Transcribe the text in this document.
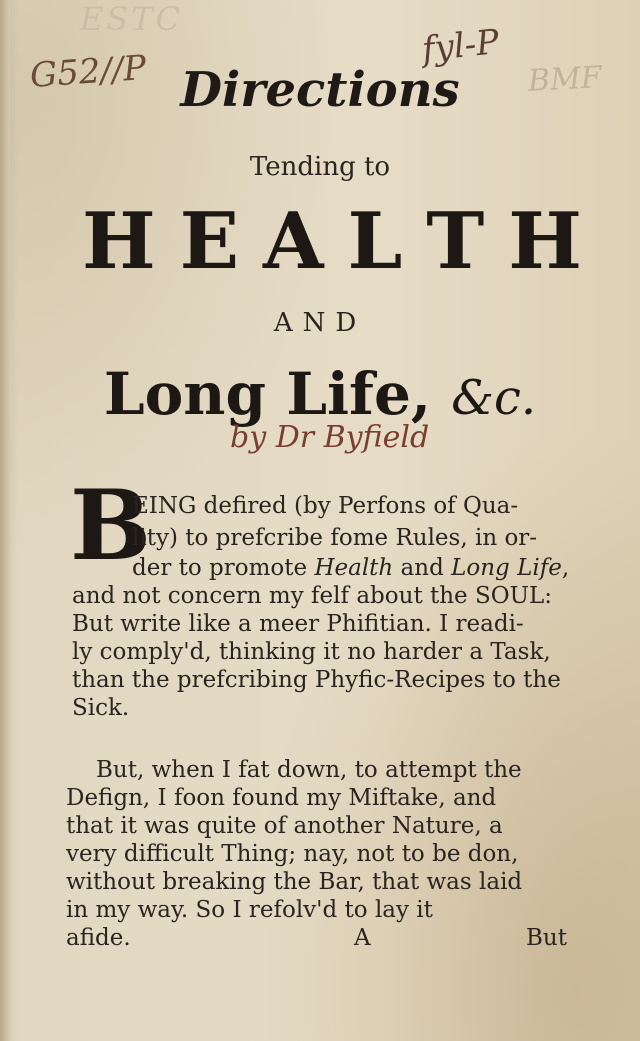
ESTC
G52//P
fyl-P
BMF
Directions
Tending to
H E A L T H
AND
Long Life, &c.
by Dr Byfield
B
EING defired (by Perfons of Qua-
lity) to prefcribe fome Rules, in or-
der to promote Health and Long Life,
and not concern my felf about the SOUL:
But write like a meer Phifitian. I readi-
ly comply'd, thinking it no harder a Task,
than the prefcribing Phyfic-Recipes to the
Sick.
But, when I fat down, to attempt the
Defign, I foon found my Miftake, and
that it was quite of another Nature, a
very difficult Thing; nay, not to be don,
without breaking the Bar, that was laid
in my way. So I refolv'd to lay it
afide.	A	But
